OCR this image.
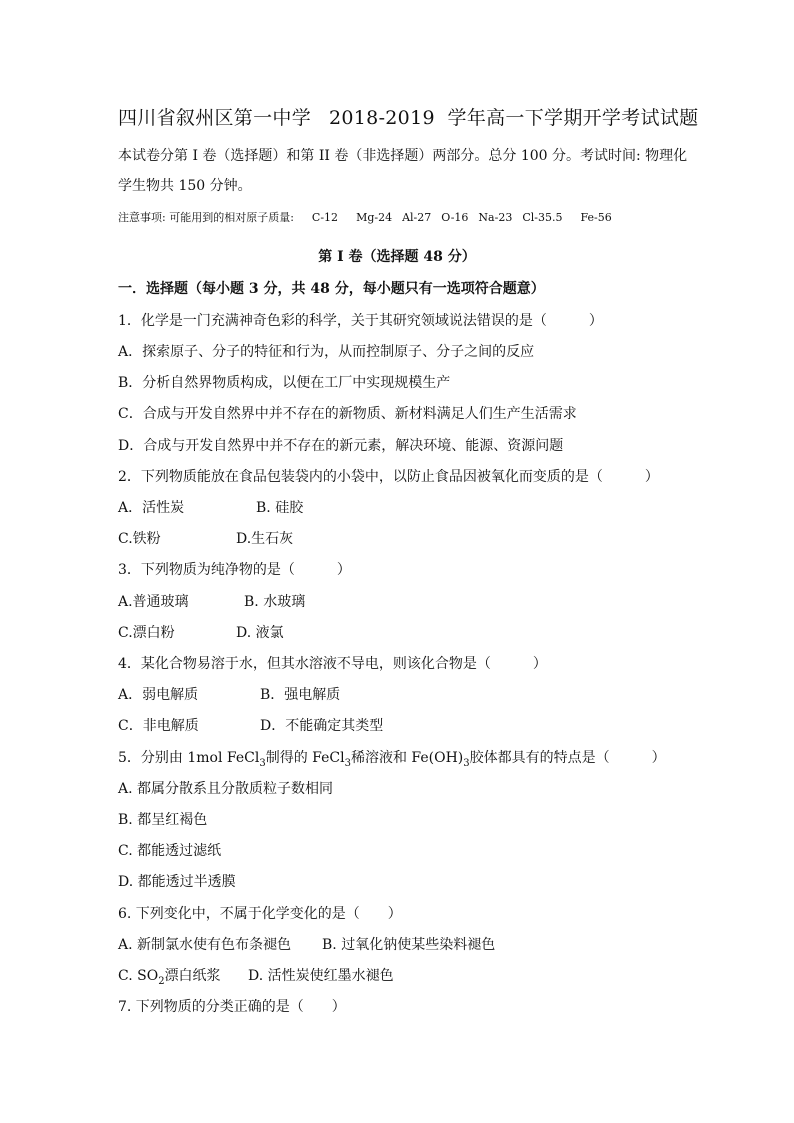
四川省叙州区第一中学 2018-2019 学年高一下学期开学考试试题
本试卷分第 I 卷（选择题）和第 II 卷（非选择题）两部分。总分 100 分。考试时间: 物理化
学生物共 150 分钟。
注意事项: 可能用到的相对原子质量: C-12 Mg-24 Al-27 O-16 Na-23 Cl-35.5 Fe-56
第 I 卷（选择题 48 分）
一．选择题（每小题 3 分，共 48 分，每小题只有一选项符合题意）
1．化学是一门充满神奇色彩的科学，关于其研究领域说法错误的是（　　　）
A．探索原子、分子的特征和行为，从而控制原子、分子之间的反应
B．分析自然界物质构成，以便在工厂中实现规模生产
C．合成与开发自然界中并不存在的新物质、新材料满足人们生产生活需求
D．合成与开发自然界中并不存在的新元素，解决环境、能源、资源问题
2．下列物质能放在食品包装袋内的小袋中，以防止食品因被氧化而变质的是（　　　）
A．活性炭	B. 硅胶
C.铁粉	D.生石灰
3．下列物质为纯净物的是（　　　）
A.普通玻璃	B. 水玻璃
C.漂白粉	D. 液氯
4．某化合物易溶于水，但其水溶液不导电，则该化合物是（　　　）
A．弱电解质	B．强电解质
C．非电解质	D．不能确定其类型
5．分别由 1mol FeCl$_3$制得的 FeCl$_3$稀溶液和 $Fe(OH)_3$胶体都具有的特点是（　　　）
A. 都属分散系且分散质粒子数相同
B. 都呈红褐色
C. 都能透过滤纸
D. 都能透过半透膜
6. 下列变化中，不属于化学变化的是（　　）
A. 新制氯水使有色布条褪色 B. 过氧化钠使某些染料褪色
C. $SO_2$漂白纸浆 D. 活性炭使红墨水褪色
7. 下列物质的分类正确的是（　　）
